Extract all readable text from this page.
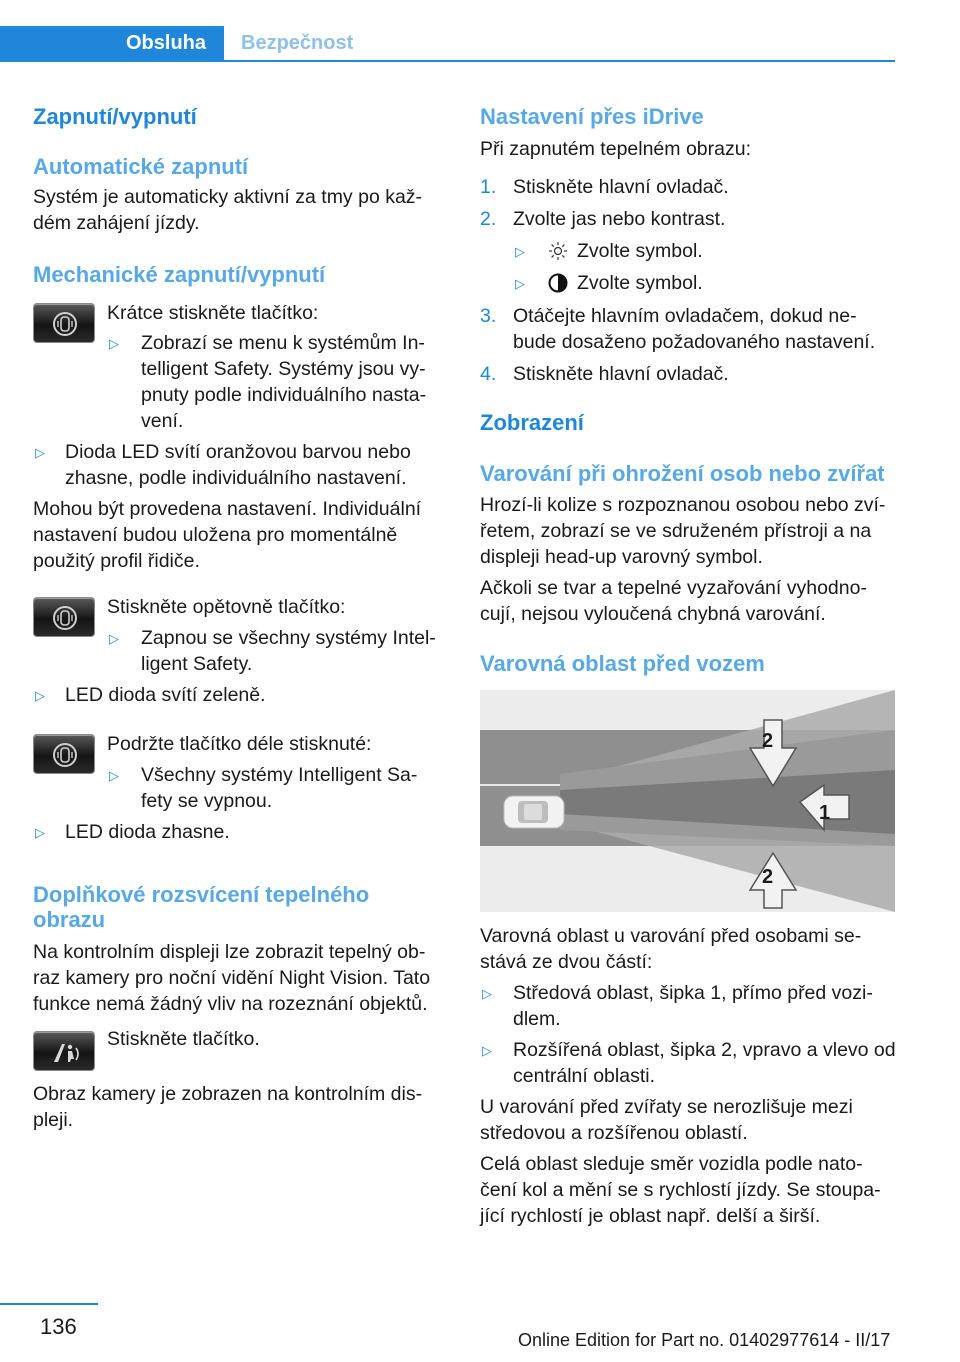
Obsluha	Bezpečnost
Zapnutí/vypnutí
Automatické zapnutí
Systém je automaticky aktivní za tmy po kaž‐
dém zahájení jízdy.
Mechanické zapnutí/vypnutí
Krátce stiskněte tlačítko:
▷ Zobrazí se menu k systémům In‐
telligent Safety. Systémy jsou vy‐
pnuty podle individuálního nasta‐
vení.
▷ Dioda LED svítí oranžovou barvou nebo
zhasne, podle individuálního nastavení.
Mohou být provedena nastavení. Individuální
nastavení budou uložena pro momentálně
použitý profil řidiče.
Stiskněte opětovně tlačítko:
▷ Zapnou se všechny systémy Intel‐
ligent Safety.
▷ LED dioda svítí zeleně.
Podržte tlačítko déle stisknuté:
▷ Všechny systémy Intelligent Sa‐
fety se vypnou.
▷ LED dioda zhasne.
Doplňkové rozsvícení tepelného
obrazu
Na kontrolním displeji lze zobrazit tepelný ob‐
raz kamery pro noční vidění Night Vision. Tato
funkce nemá žádný vliv na rozeznání objektů.
Stiskněte tlačítko.
Obraz kamery je zobrazen na kontrolním dis‐
pleji.
Nastavení přes iDrive
Při zapnutém tepelném obrazu:
1. Stiskněte hlavní ovladač.
2. Zvolte jas nebo kontrast.
▷	Zvolte symbol.
▷	Zvolte symbol.
3. Otáčejte hlavním ovladačem, dokud ne‐
bude dosaženo požadovaného nastavení.
4. Stiskněte hlavní ovladač.
Zobrazení
Varování při ohrožení osob nebo zvířat
Hrozí-li kolize s rozpoznanou osobou nebo zví‐
řetem, zobrazí se ve sdruženém přístroji a na
displeji head-up varovný symbol.
Ačkoli se tvar a tepelné vyzařování vyhodno‐
cují, nejsou vyloučená chybná varování.
Varovná oblast před vozem
2
1
2
Varovná oblast u varování před osobami se‐
stává ze dvou částí:
▷ Středová oblast, šipka 1, přímo před vozi‐
dlem.
▷ Rozšířená oblast, šipka 2, vpravo a vlevo od
centrální oblasti.
U varování před zvířaty se nerozlišuje mezi
středovou a rozšířenou oblastí.
Celá oblast sleduje směr vozidla podle nato‐
čení kol a mění se s rychlostí jízdy. Se stoupa‐
jící rychlostí je oblast např. delší a širší.
136
Online Edition for Part no. 01402977614 - II/17
